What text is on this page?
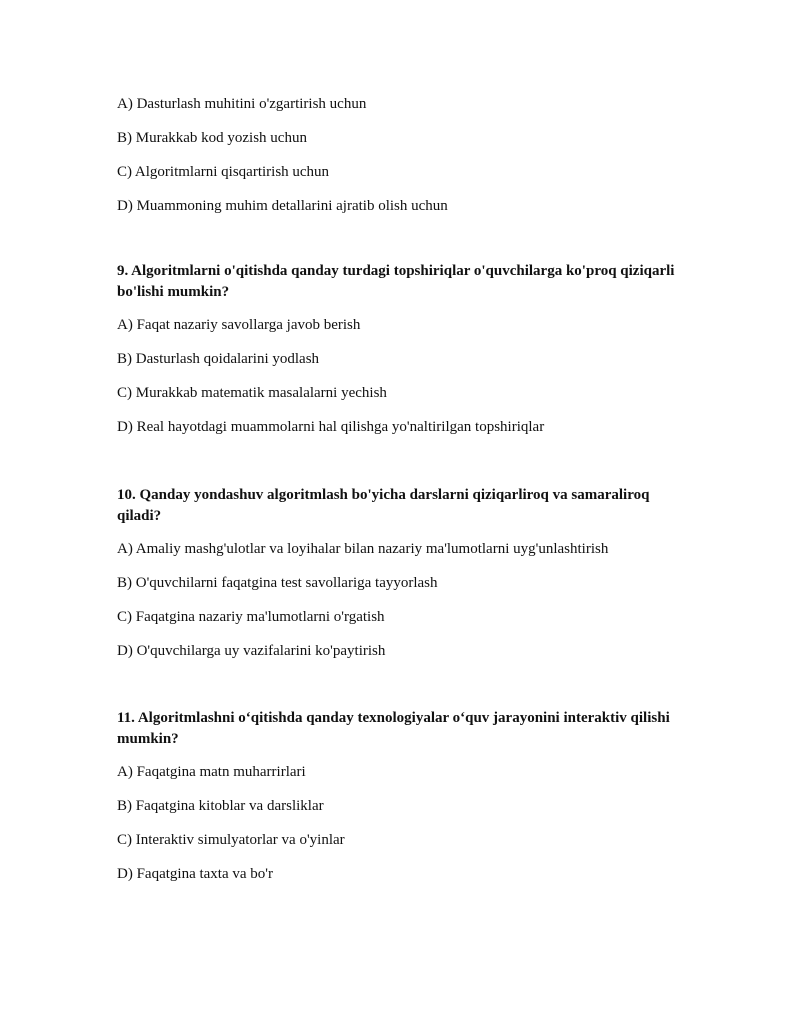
A) Dasturlash muhitini o'zgartirish uchun

B) Murakkab kod yozish uchun

C) Algoritmlarni qisqartirish uchun

D) Muammoning muhim detallarini ajratib olish uchun

9. Algoritmlarni o'qitishda qanday turdagi topshiriqlar o'quvchilarga ko'proq qiziqarli bo'lishi mumkin?

A) Faqat nazariy savollarga javob berish

B) Dasturlash qoidalarini yodlash

C) Murakkab matematik masalalarni yechish

D) Real hayotdagi muammolarni hal qilishga yo'naltirilgan topshiriqlar

10. Qanday yondashuv algoritmlash bo'yicha darslarni qiziqarliroq va samaraliroq qiladi?

A) Amaliy mashg'ulotlar va loyihalar bilan nazariy ma'lumotlarni uyg'unlashtirish

B) O'quvchilarni faqatgina test savollariga tayyorlash

C) Faqatgina nazariy ma'lumotlarni o'rgatish

D) O'quvchilarga uy vazifalarini ko'paytirish

11. Algoritmlashni o‘qitishda qanday texnologiyalar o‘quv jarayonini interaktiv qilishi mumkin?

A) Faqatgina matn muharrirlari

B) Faqatgina kitoblar va darsliklar

C) Interaktiv simulyatorlar va o'yinlar

D) Faqatgina taxta va bo'r
